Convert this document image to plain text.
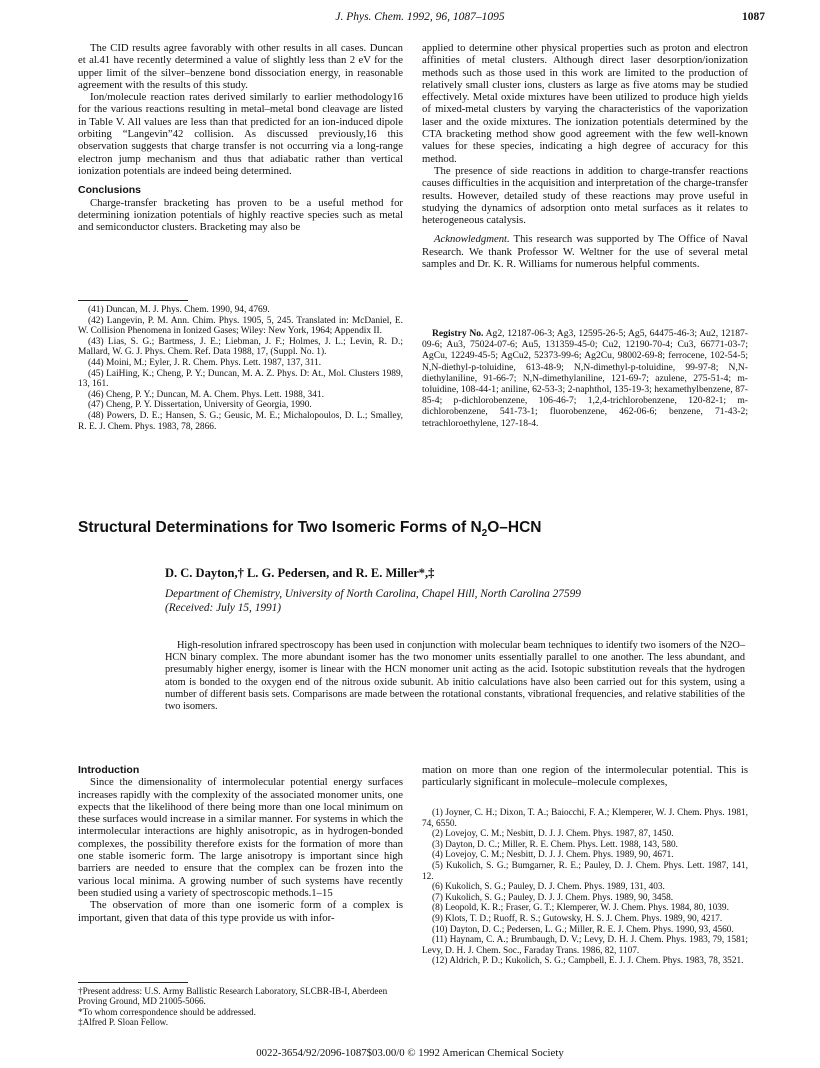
J. Phys. Chem. 1992, 96, 1087–1095	1087

The CID results agree favorably with other results in all cases. Duncan et al.41 have recently determined a value of slightly less than 2 eV for the upper limit of the silver–benzene bond dissociation energy, in reasonable agreement with the results of this study.

Ion/molecule reaction rates derived similarly to earlier methodology16 for the various reactions resulting in metal–metal bond cleavage are listed in Table V. All values are less than that predicted for an ion-induced dipole orbiting “Langevin”42 collision. As discussed previously,16 this observation suggests that charge transfer is not occurring via a long-range electron jump mechanism and thus that adiabatic rather than vertical ionization potentials are indeed being determined.

Conclusions

Charge-transfer bracketing has proven to be a useful method for determining ionization potentials of highly reactive species such as metal and semiconductor clusters. Bracketing may also be

(41) Duncan, M. J. Phys. Chem. 1990, 94, 4769.
(42) Langevin, P. M. Ann. Chim. Phys. 1905, 5, 245. Translated in: McDaniel, E. W. Collision Phenomena in Ionized Gases; Wiley: New York, 1964; Appendix II.
(43) Lias, S. G.; Bartmess, J. E.; Liebman, J. F.; Holmes, J. L.; Levin, R. D.; Mallard, W. G. J. Phys. Chem. Ref. Data 1988, 17, (Suppl. No. 1).
(44) Moini, M.; Eyler, J. R. Chem. Phys. Lett. 1987, 137, 311.
(45) LaiHing, K.; Cheng, P. Y.; Duncan, M. A. Z. Phys. D: At., Mol. Clusters 1989, 13, 161.
(46) Cheng, P. Y.; Duncan, M. A. Chem. Phys. Lett. 1988, 341.
(47) Cheng, P. Y. Dissertation, University of Georgia, 1990.
(48) Powers, D. E.; Hansen, S. G.; Geusic, M. E.; Michalopoulos, D. L.; Smalley, R. E. J. Chem. Phys. 1983, 78, 2866.

applied to determine other physical properties such as proton and electron affinities of metal clusters. Although direct laser desorption/ionization methods such as those used in this work are limited to the production of relatively small cluster ions, clusters as large as five atoms may be studied effectively. Metal oxide mixtures have been utilized to produce high yields of mixed-metal clusters by varying the characteristics of the vaporization laser and the oxide mixtures. The ionization potentials determined by the CTA bracketing method show good agreement with the few well-known values for these species, indicating a high degree of accuracy for this method.

The presence of side reactions in addition to charge-transfer reactions causes difficulties in the acquisition and interpretation of the charge-transfer results. However, detailed study of these reactions may prove useful in studying the dynamics of adsorption onto metal surfaces as it relates to heterogeneous catalysis.

Acknowledgment. This research was supported by The Office of Naval Research. We thank Professor W. Weltner for the use of several metal samples and Dr. K. R. Williams for numerous helpful comments.

Registry No. Ag2, 12187-06-3; Ag3, 12595-26-5; Ag5, 64475-46-3; Au2, 12187-09-6; Au3, 75024-07-6; Au5, 131359-45-0; Cu2, 12190-70-4; Cu3, 66771-03-7; AgCu, 12249-45-5; AgCu2, 52373-99-6; Ag2Cu, 98002-69-8; ferrocene, 102-54-5; N,N-diethyl-p-toluidine, 613-48-9; N,N-dimethyl-p-toluidine, 99-97-8; N,N-diethylaniline, 91-66-7; N,N-dimethylaniline, 121-69-7; azulene, 275-51-4; m-toluidine, 108-44-1; aniline, 62-53-3; 2-naphthol, 135-19-3; hexamethylbenzene, 87-85-4; p-dichlorobenzene, 106-46-7; 1,2,4-trichlorobenzene, 120-82-1; m-dichlorobenzene, 541-73-1; fluorobenzene, 462-06-6; benzene, 71-43-2; tetrachloroethylene, 127-18-4.
Structural Determinations for Two Isomeric Forms of $N_2O$–HCN
D. C. Dayton,† L. G. Pedersen, and R. E. Miller*,‡
Department of Chemistry, University of North Carolina, Chapel Hill, North Carolina 27599
(Received: July 15, 1991)

High-resolution infrared spectroscopy has been used in conjunction with molecular beam techniques to identify two isomers of the N2O–HCN binary complex. The more abundant isomer has the two monomer units essentially parallel to one another. The less abundant, and presumably higher energy, isomer is linear with the HCN monomer unit acting as the acid. Isotopic substitution reveals that the hydrogen atom is bonded to the oxygen end of the nitrous oxide subunit. Ab initio calculations have also been carried out for this system, using a number of different basis sets. Comparisons are made between the rotational constants, vibrational frequencies, and relative stabilities of the two isomers.

Introduction

Since the dimensionality of intermolecular potential energy surfaces increases rapidly with the complexity of the associated monomer units, one expects that the likelihood of there being more than one local minimum on these surfaces would increase in a similar manner. For systems in which the intermolecular interactions are highly anisotropic, as in hydrogen-bonded complexes, the possibility therefore exists for the formation of more than one stable isomeric form. The large anisotropy is important since high barriers are needed to ensure that the complex can be frozen into the various local minima. A growing number of such systems have recently been studied using a variety of spectroscopic methods.1–15

The observation of more than one isomeric form of a complex is important, given that data of this type provide us with infor-

†Present address: U.S. Army Ballistic Research Laboratory, SLCBR-IB-I, Aberdeen Proving Ground, MD 21005-5066.
*To whom correspondence should be addressed.
‡Alfred P. Sloan Fellow.

mation on more than one region of the intermolecular potential. This is particularly significant in molecule–molecule complexes,

(1) Joyner, C. H.; Dixon, T. A.; Baiocchi, F. A.; Klemperer, W. J. Chem. Phys. 1981, 74, 6550.
(2) Lovejoy, C. M.; Nesbitt, D. J. J. Chem. Phys. 1987, 87, 1450.
(3) Dayton, D. C.; Miller, R. E. Chem. Phys. Lett. 1988, 143, 580.
(4) Lovejoy, C. M.; Nesbitt, D. J. J. Chem. Phys. 1989, 90, 4671.
(5) Kukolich, S. G.; Bumgarner, R. E.; Pauley, D. J. Chem. Phys. Lett. 1987, 141, 12.
(6) Kukolich, S. G.; Pauley, D. J. Chem. Phys. 1989, 131, 403.
(7) Kukolich, S. G.; Pauley, D. J. J. Chem. Phys. 1989, 90, 3458.
(8) Leopold, K. R.; Fraser, G. T.; Klemperer, W. J. Chem. Phys. 1984, 80, 1039.
(9) Klots, T. D.; Ruoff, R. S.; Gutowsky, H. S. J. Chem. Phys. 1989, 90, 4217.
(10) Dayton, D. C.; Pedersen, L. G.; Miller, R. E. J. Chem. Phys. 1990, 93, 4560.
(11) Haynam, C. A.; Brumbaugh, D. V.; Levy, D. H. J. Chem. Phys. 1983, 79, 1581; Levy, D. H. J. Chem. Soc., Faraday Trans. 1986, 82, 1107.
(12) Aldrich, P. D.; Kukolich, S. G.; Campbell, E. J. J. Chem. Phys. 1983, 78, 3521.
0022-3654/92/2096-1087$03.00/0 © 1992 American Chemical Society
